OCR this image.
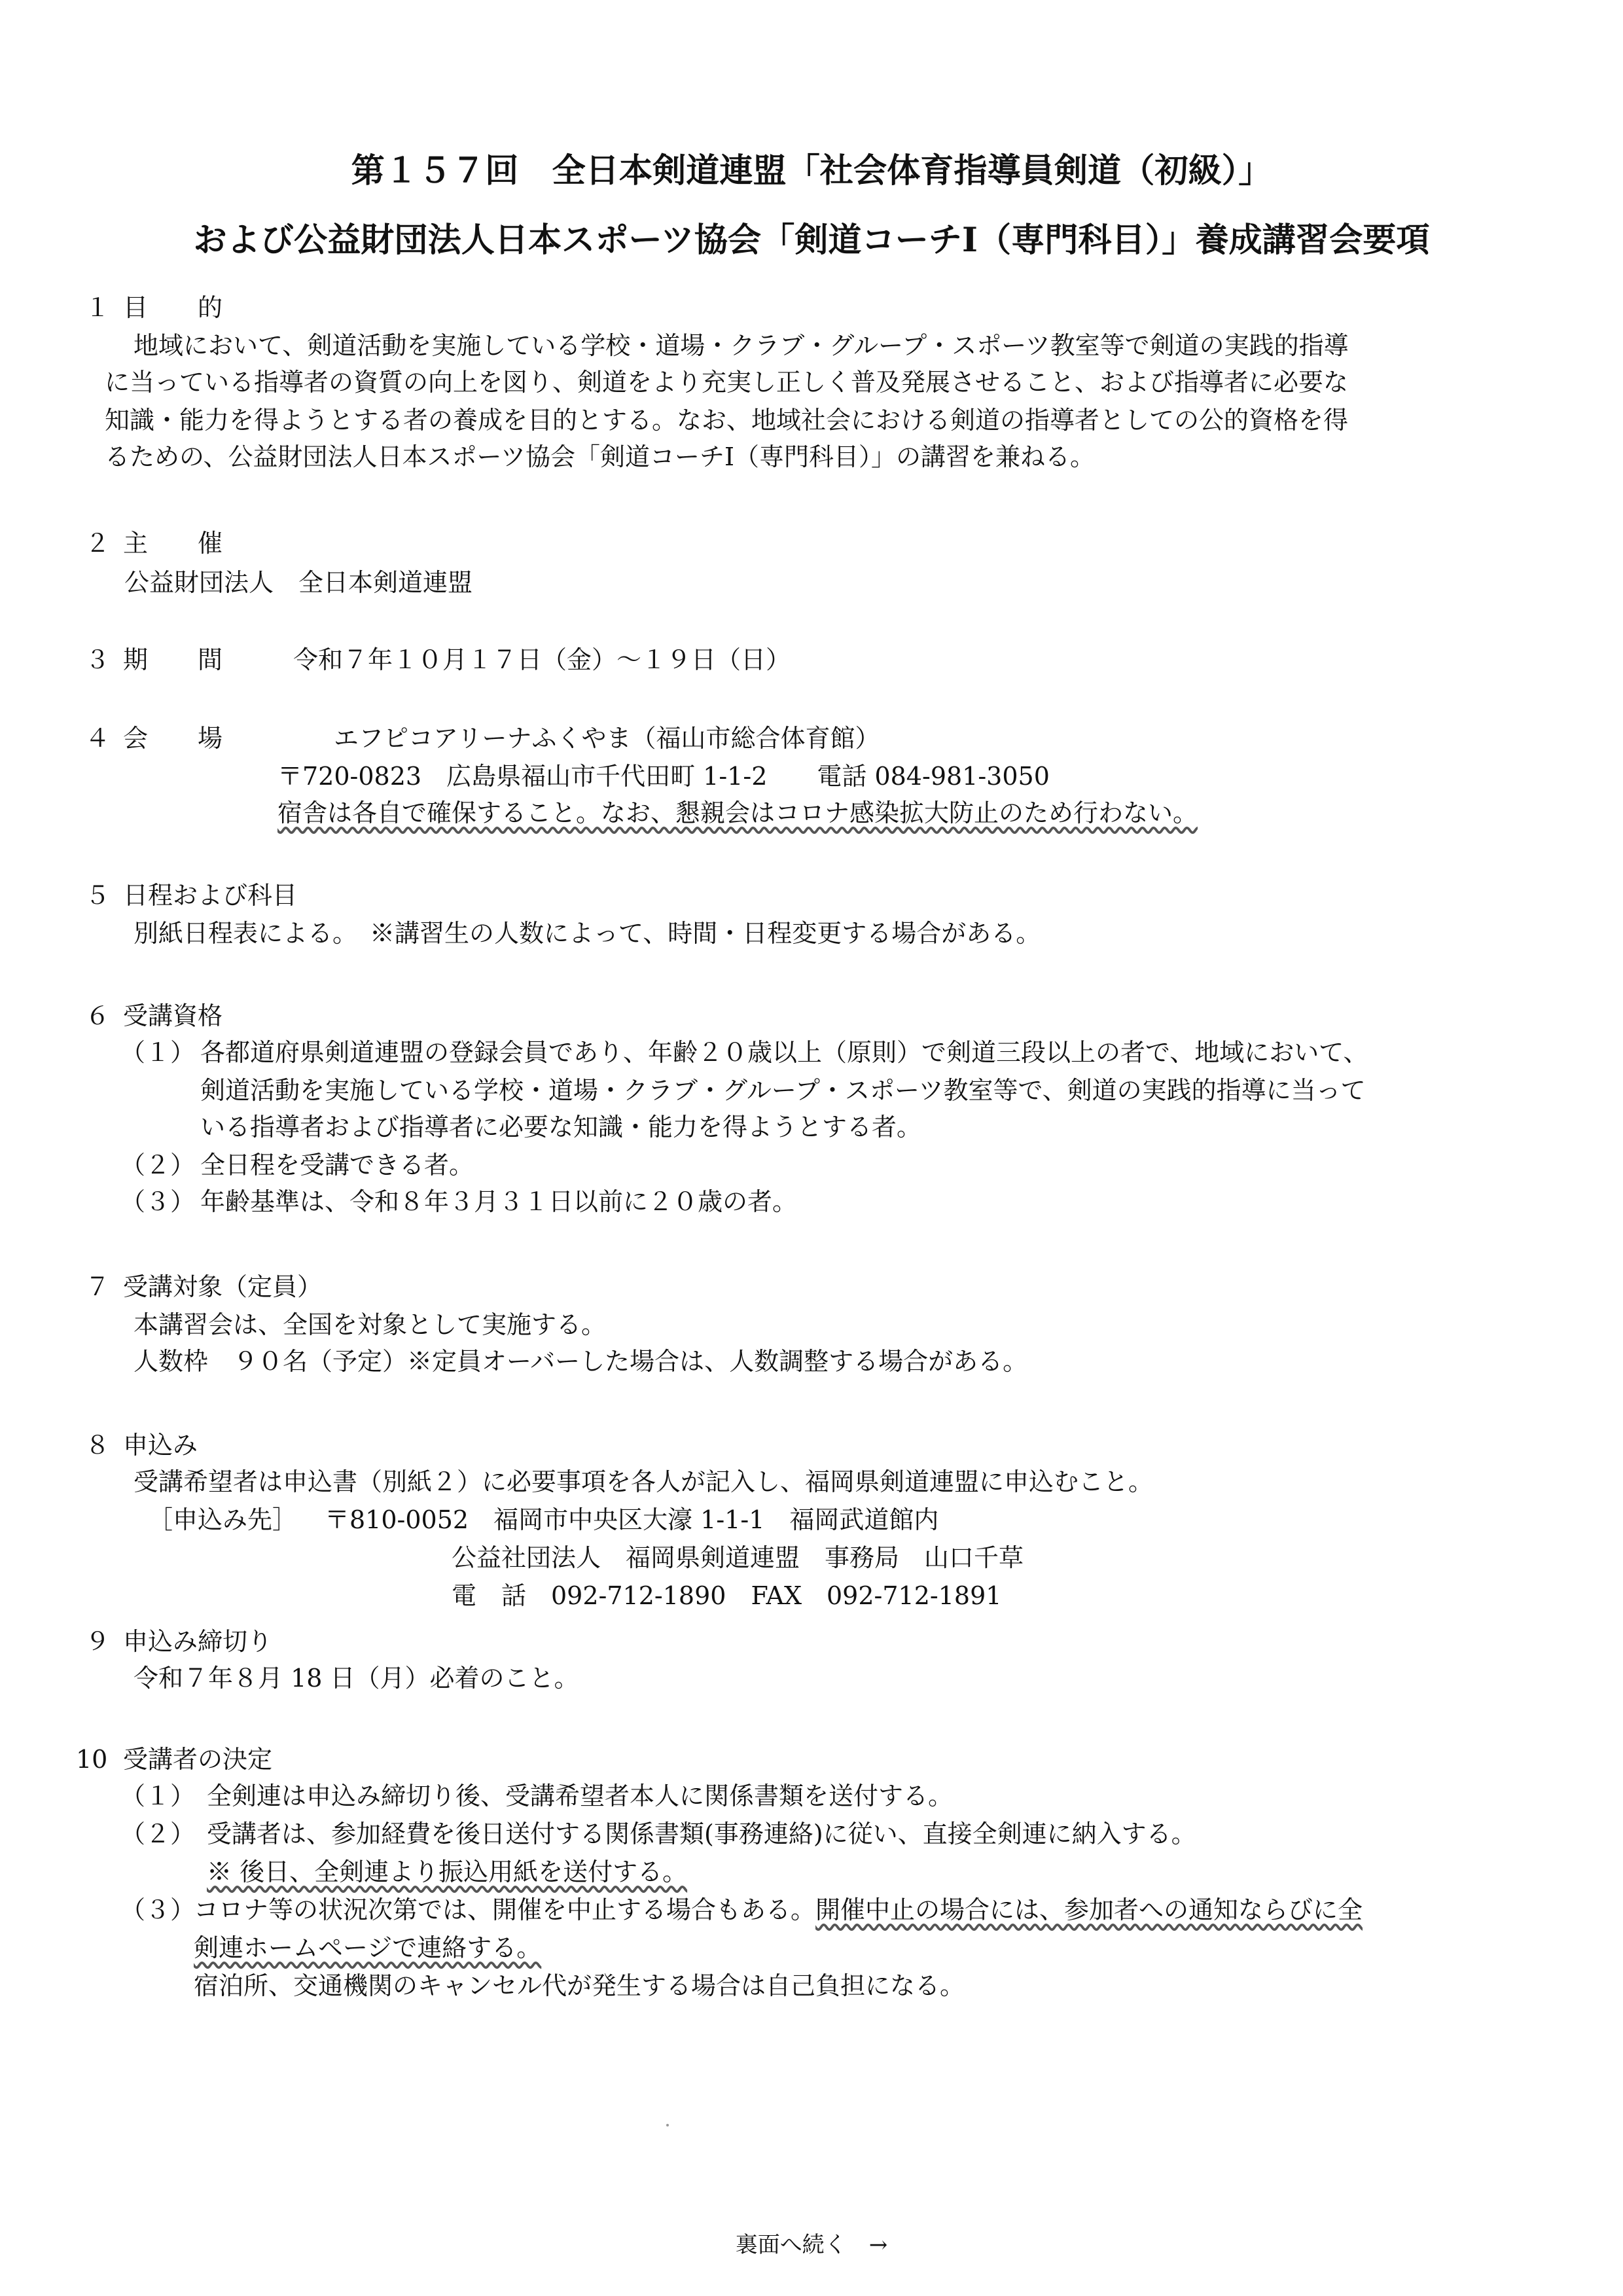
第１５７回　全日本剣道連盟「社会体育指導員剣道（初級）」
および公益財団法人日本スポーツ協会「剣道コーチⅠ（専門科目）」養成講習会要項
１ 目　　的
地域において、剣道活動を実施している学校・道場・クラブ・グループ・スポーツ教室等で剣道の実践的指導
に当っている指導者の資質の向上を図り、剣道をより充実し正しく普及発展させること、および指導者に必要な
知識・能力を得ようとする者の養成を目的とする。なお、地域社会における剣道の指導者としての公的資格を得
るための、公益財団法人日本スポーツ協会「剣道コーチⅠ（専門科目）」の講習を兼ねる。
２ 主　　催
公益財団法人　全日本剣道連盟
３ 期　　間	令和７年１０月１７日（金）～１９日（日）
４ 会　　場	エフピコアリーナふくやま（福山市総合体育館）
〒720-0823　広島県福山市千代田町 1-1-2　　電話 084-981-3050
宿舎は各自で確保すること。なお、懇親会はコロナ感染拡大防止のため行わない。
５ 日程および科目
別紙日程表による。　※講習生の人数によって、時間・日程変更する場合がある。
６ 受講資格
（１） 各都道府県剣道連盟の登録会員であり、年齢２０歳以上（原則）で剣道三段以上の者で、地域において、
剣道活動を実施している学校・道場・クラブ・グループ・スポーツ教室等で、剣道の実践的指導に当って
いる指導者および指導者に必要な知識・能力を得ようとする者。
（２） 全日程を受講できる者。
（３） 年齢基準は、令和８年３月３１日以前に２０歳の者。
７ 受講対象（定員）
本講習会は、全国を対象として実施する。
人数枠　９０名（予定）※定員オーバーした場合は、人数調整する場合がある。
８ 申込み
受講希望者は申込書（別紙２）に必要事項を各人が記入し、福岡県剣道連盟に申込むこと。
［申込み先］ 〒810-0052　福岡市中央区大濠 1-1-1　福岡武道館内
公益社団法人　福岡県剣道連盟　事務局　山口千草
電　話　092-712-1890　FAX　092-712-1891
９ 申込み締切り
令和７年８月 18 日（月）必着のこと。
10 受講者の決定
（１） 全剣連は申込み締切り後、受講希望者本人に関係書類を送付する。
（２） 受講者は、参加経費を後日送付する関係書類(事務連絡)に従い、直接全剣連に納入する。
※ 後日、全剣連より振込用紙を送付する。
（３）
コロナ等の状況次第では、開催を中止する場合もある。開催中止の場合には、参加者への通知ならびに全
剣連ホームページで連絡する。
宿泊所、交通機関のキャンセル代が発生する場合は自己負担になる。
裏面へ続く　→
